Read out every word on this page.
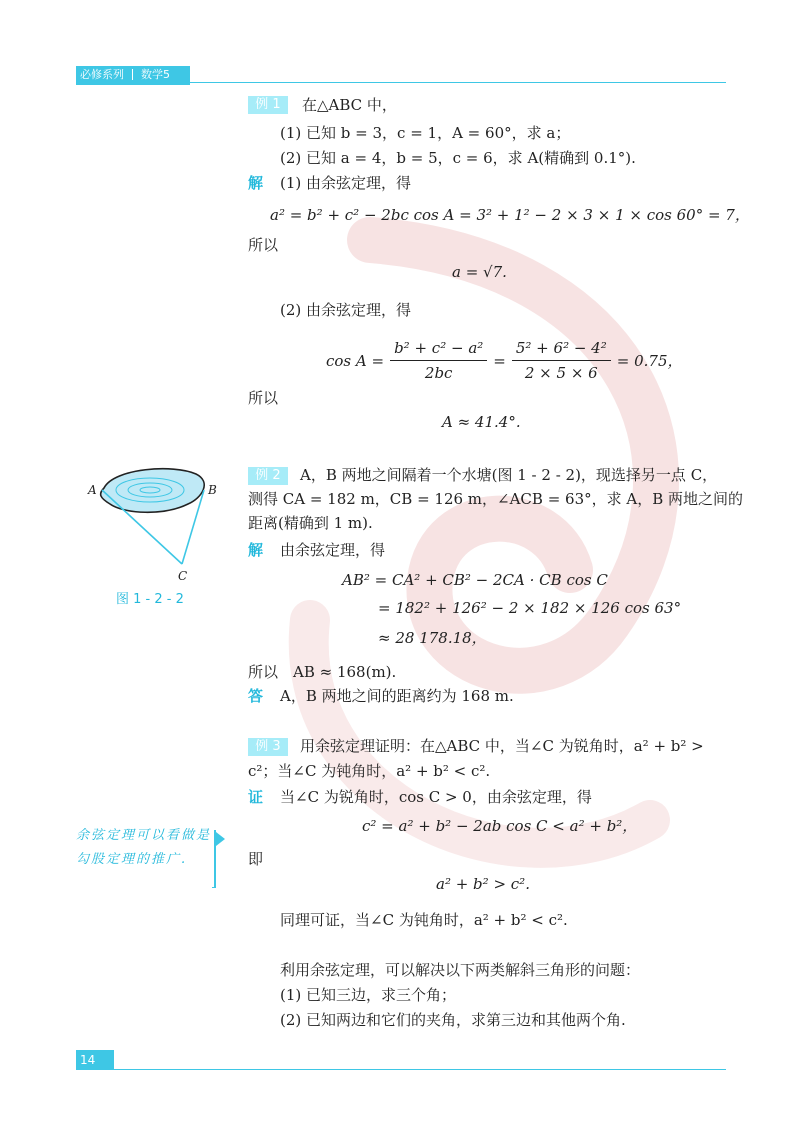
必修系列 数学5
例 1	在△ABC 中，
(1) 已知 b = 3，c = 1，A = 60°，求 a；
(2) 已知 a = 4，b = 5，c = 6，求 A(精确到 0.1°).
解 (1) 由余弦定理，得
a² = b² + c² − 2bc cos A = 3² + 1² − 2 × 3 × 1 × cos 60° = 7，
所以
a = √7.
(2) 由余弦定理，得
$\cos A = \frac{\text{b² + c² − a²}}{2bc} = \frac{\text{5² + 6² − 4²}}{2 \times 5 \times 6} = 0.75$，
所以
A ≈ 41.4°.
A	B
C
图 1 - 2 - 2
例 2	A，B 两地之间隔着一个水塘(图 1 - 2 - 2)，现选择另一点 C，
测得 CA = 182 m，CB = 126 m，∠ACB = 63°，求 A，B 两地之间的
距离(精确到 1 m).
解 由余弦定理，得
AB² = CA² + CB² − 2CA · CB cos C
= 182² + 126² − 2 × 182 × 126 cos 63°
≈ 28 178.18，
所以　AB ≈ 168(m).
答 A，B 两地之间的距离约为 168 m.
例 3	用余弦定理证明：在△ABC 中，当∠C 为锐角时，a² + b² >
c²；当∠C 为钝角时，a² + b² < c².
证 当∠C 为锐角时，cos C > 0，由余弦定理，得
c² = a² + b² − 2ab cos C < a² + b²，
即
a² + b² > c².
同理可证，当∠C 为钝角时，a² + b² < c².
余弦定理可以看做是勾股定理的推广.
利用余弦定理，可以解决以下两类解斜三角形的问题：
(1) 已知三边，求三个角；
(2) 已知两边和它们的夹角，求第三边和其他两个角.
14
